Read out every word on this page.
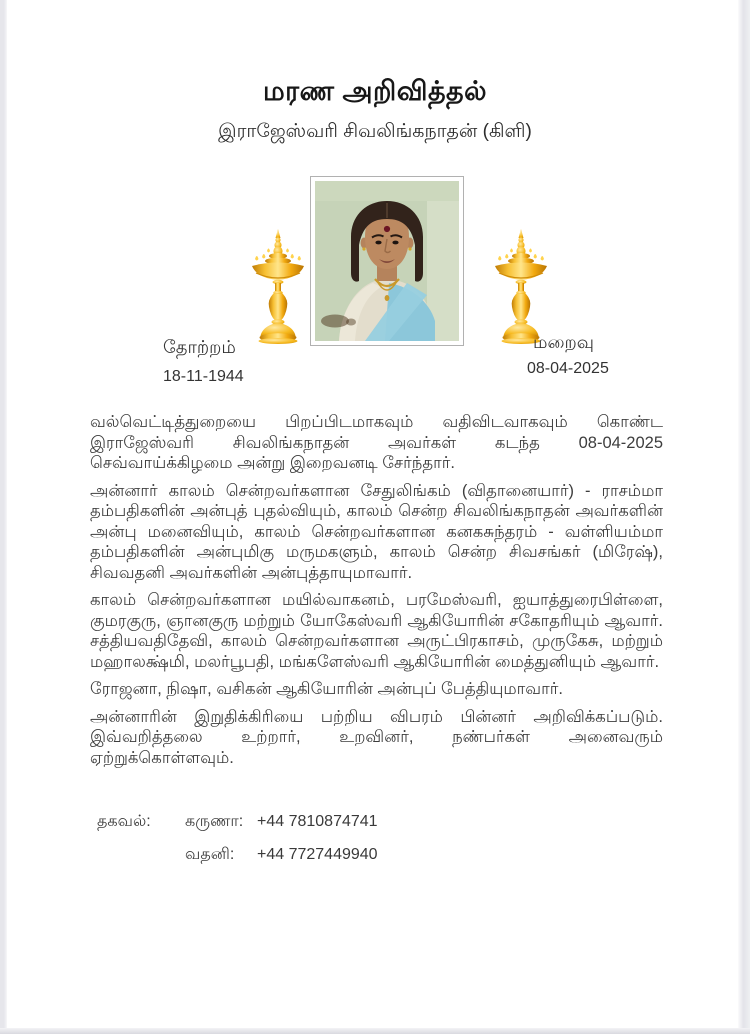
மரண அறிவித்தல்
இராஜேஸ்வரி சிவலிங்கநாதன் (கிளி)
தோற்றம்
18-11-1944
மறைவு
08-04-2025

வல்வெட்டித்துறையை பிறப்பிடமாகவும் வதிவிடவாகவும் கொண்ட இராஜேஸ்வரி சிவலிங்கநாதன் அவர்கள் கடந்த 08-04-2025 செவ்வாய்க்கிழமை அன்று இறைவனடி சேர்ந்தார்.

அன்னார் காலம் சென்றவர்களான சேதுலிங்கம் (விதானையார்) - ராசம்மா தம்பதிகளின் அன்புத் புதல்வியும், காலம் சென்ற சிவலிங்கநாதன் அவர்களின் அன்பு மனைவியும், காலம் சென்றவர்களான கனகசுந்தரம் - வள்ளியம்மா தம்பதிகளின் அன்புமிகு மருமகளும், காலம் சென்ற சிவசங்கர் (மிரேஷ்), சிவவதனி அவர்களின் அன்புத்தாயுமாவார்.

காலம் சென்றவர்களான மயில்வாகனம், பரமேஸ்வரி, ஐயாத்துரைபிள்ளை, குமரகுரு, ஞானகுரு மற்றும் யோகேஸ்வரி ஆகியோரின் சகோதரியும் ஆவார். சத்தியவதிதேவி, காலம் சென்றவர்களான அருட்பிரகாசம், முருகேசு, மற்றும் மஹாலக்ஷ்மி, மலர்பூபதி, மங்களேஸ்வரி ஆகியோரின் மைத்துனியும் ஆவார்.

ரோஜனா, நிஷா, வசிகன் ஆகியோரின் அன்புப் பேத்தியுமாவார்.

அன்னாரின் இறுதிக்கிரியை பற்றிய விபரம் பின்னர் அறிவிக்கப்படும். இவ்வறித்தலை உற்றார், உறவினர், நண்பர்கள் அனைவரும் ஏற்றுக்கொள்ளவும்.

தகவல்:	கருணா: +44 7810874741
வதனி:	+44 7727449940
